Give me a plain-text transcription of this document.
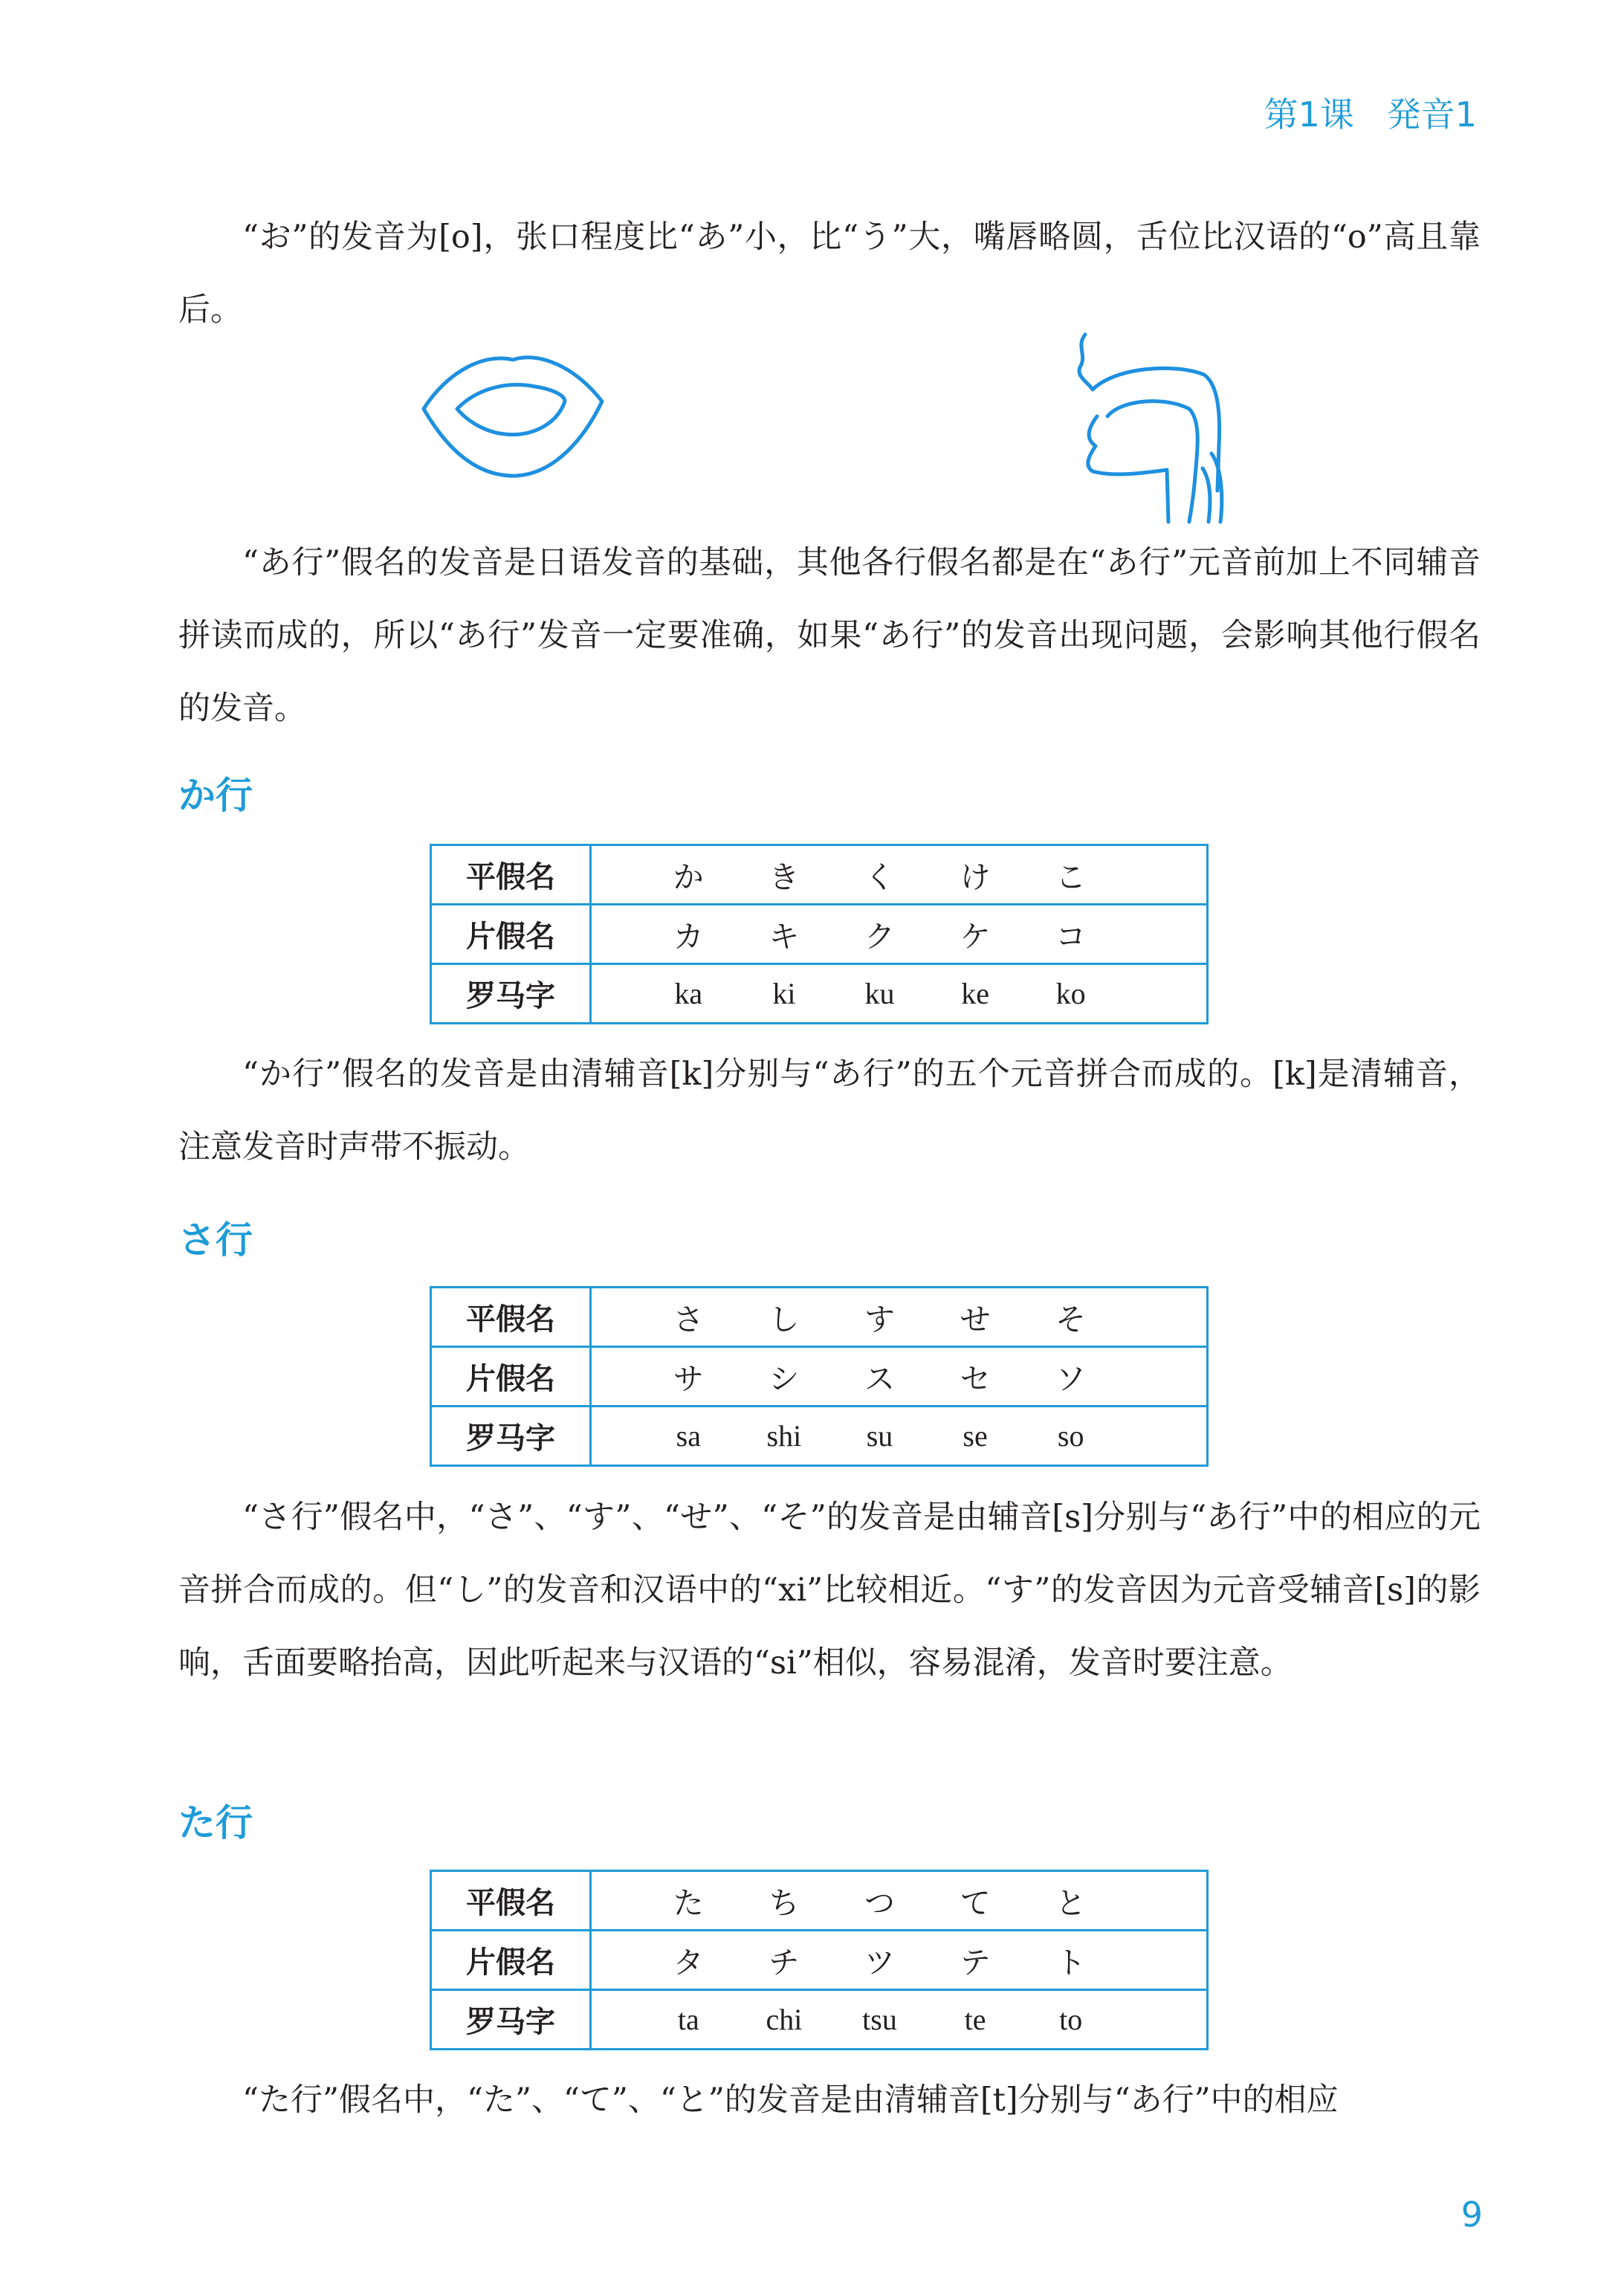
第1课 発音1

“お”的发音为[o]，张口程度比“あ”小，比“う”大，嘴唇略圆，舌位比汉语的“o”高且靠后。

“あ行”假名的发音是日语发音的基础，其他各行假名都是在“あ行”元音前加上不同辅音拼读而成的，所以“あ行”发音一定要准确，如果“あ行”的发音出现问题，会影响其他行假名的发音。

か行
平假名	か き く け こ

片假名	カ キ ク ケ コ

罗马字	ka ki ku ke ko

“か行”假名的发音是由清辅音[k]分别与“あ行”的五个元音拼合而成的。[k]是清辅音，注意发音时声带不振动。

さ行
平假名	さ し す せ そ

片假名	サ シ ス セ ソ

罗马字	sa shi su se so

“さ行”假名中，“さ”、“す”、“せ”、“そ”的发音是由辅音[s]分别与“あ行”中的相应的元音拼合而成的。但“し”的发音和汉语中的“xi”比较相近。“す”的发音因为元音受辅音[s]的影响，舌面要略抬高，因此听起来与汉语的“si”相似，容易混淆，发音时要注意。

た行
平假名	た ち つ て と

片假名	タ チ ツ テ ト

罗马字	ta chi tsu te to

“た行”假名中，“た”、“て”、“と”的发音是由清辅音[t]分别与“あ行”中的相应

9
